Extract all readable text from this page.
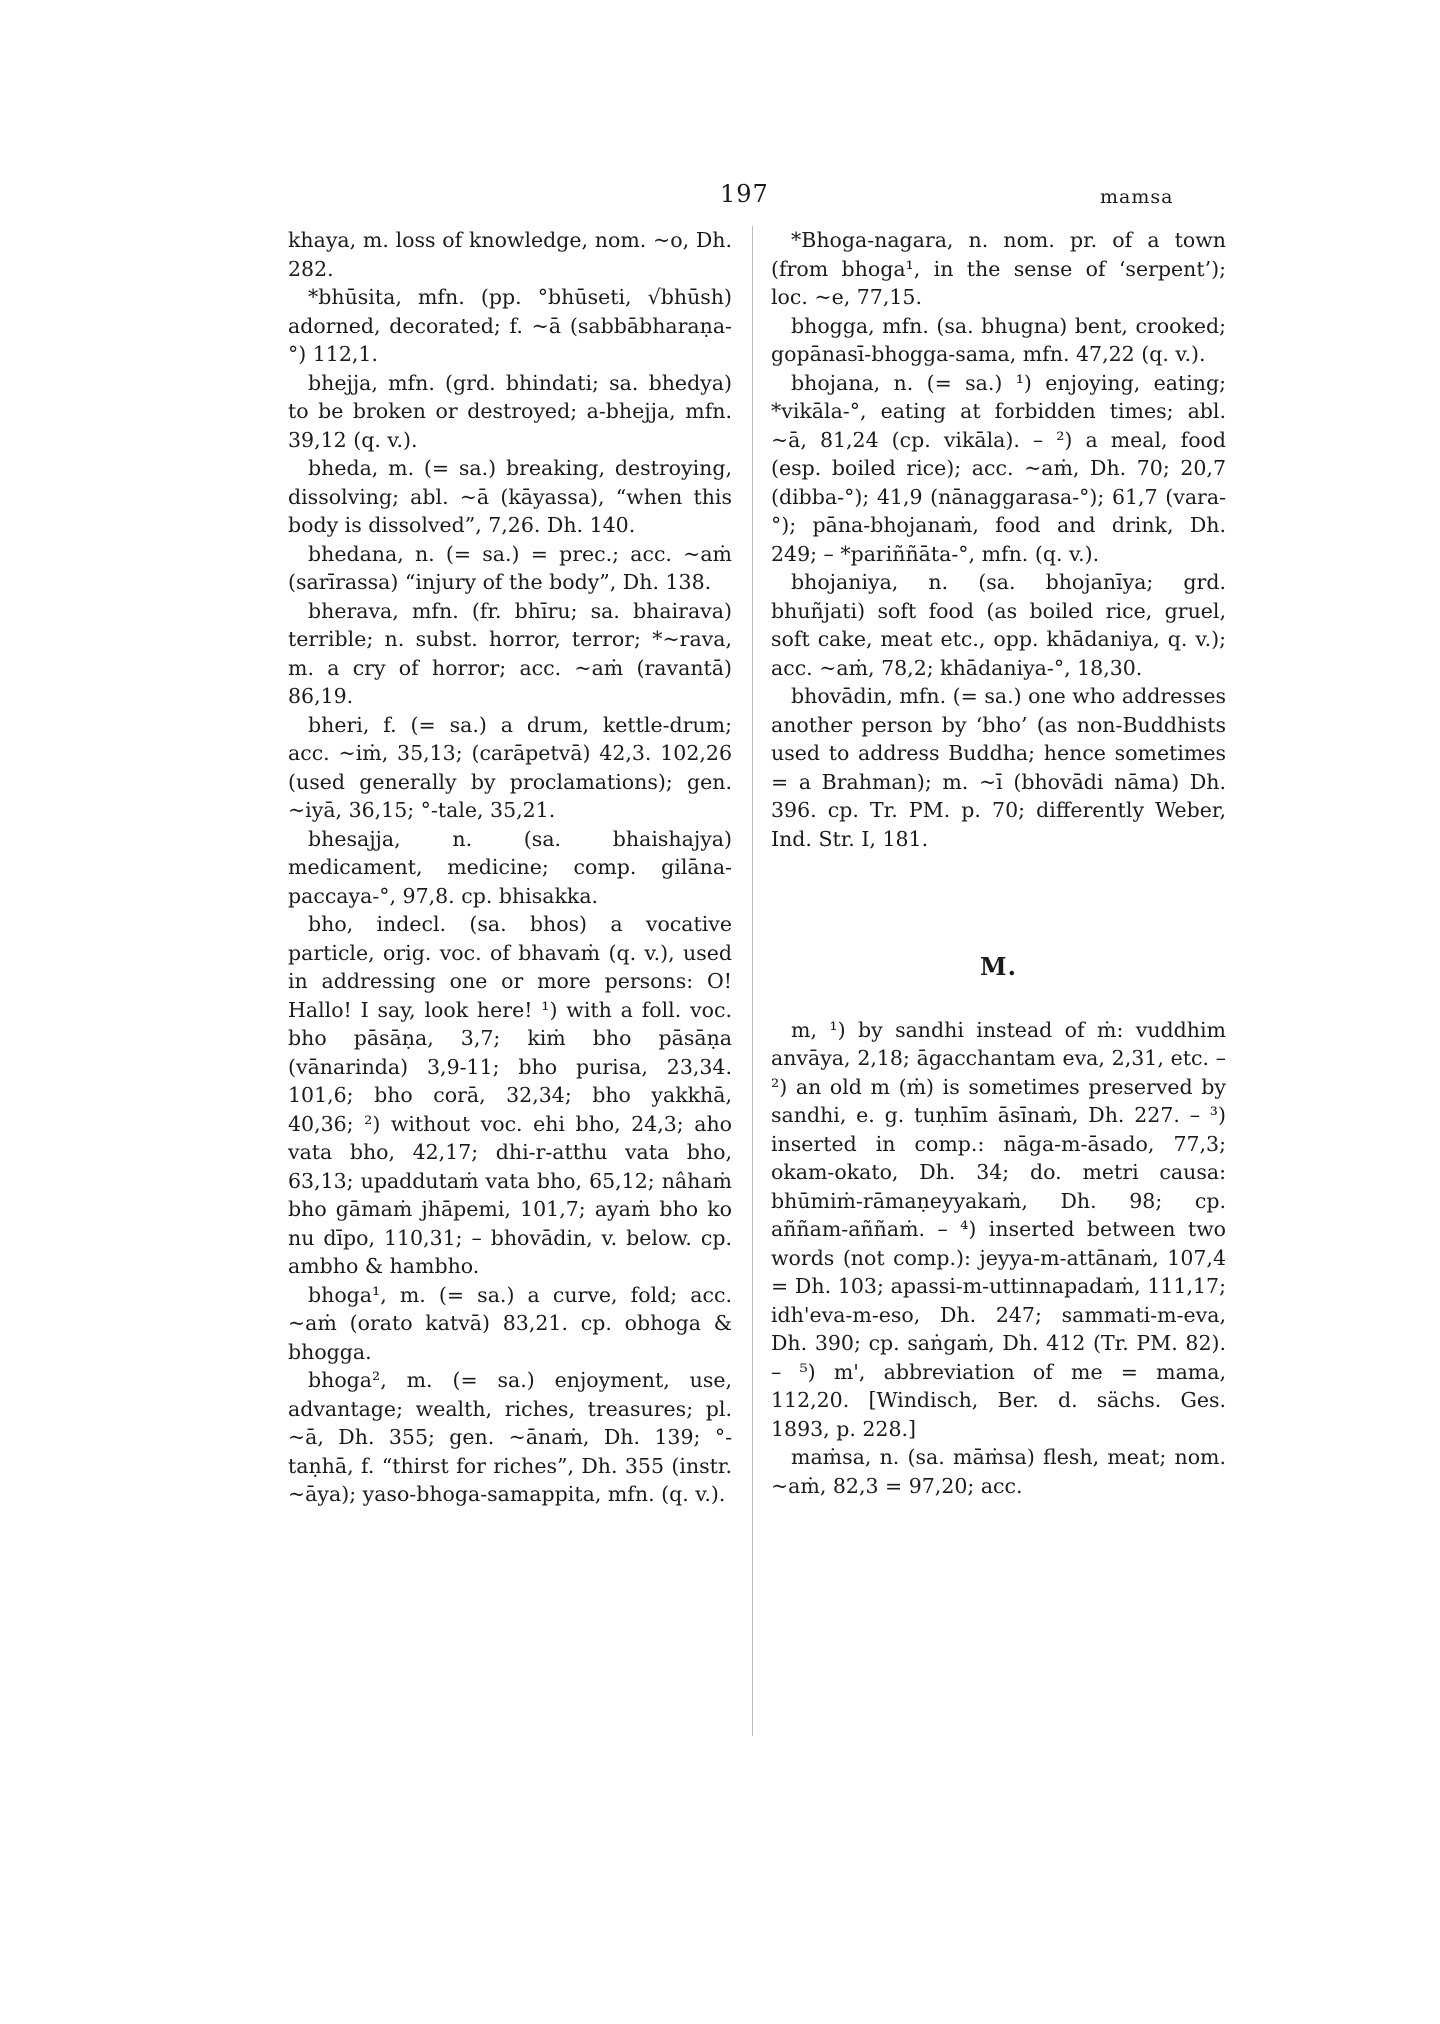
197	mamsa

khaya, m. loss of knowledge, nom. ~o, Dh. 282.

*bhūsita, mfn. (pp. °bhūseti, √bhūsh) adorned, decorated; f. ~ā (sabbābharaṇa-°) 112,1.

bhejja, mfn. (grd. bhindati; sa. bhedya) to be broken or destroyed; a-bhejja, mfn. 39,12 (q. v.).

bheda, m. (= sa.) breaking, destroying, dissolving; abl. ~ā (kāyassa), “when this body is dissolved”, 7,26. Dh. 140.

bhedana, n. (= sa.) = prec.; acc. ~aṁ (sarīrassa) “injury of the body”, Dh. 138.

bherava, mfn. (fr. bhīru; sa. bhairava) terrible; n. subst. horror, terror; *~rava, m. a cry of horror; acc. ~aṁ (ravantā) 86,19.

bheri, f. (= sa.) a drum, kettle-drum; acc. ~iṁ, 35,13; (carāpetvā) 42,3. 102,26 (used generally by proclamations); gen. ~iyā, 36,15; °-tale, 35,21.

bhesajja, n. (sa. bhaishajya) medicament, medicine; comp. gilāna-paccaya-°, 97,8. cp. bhisakka.

bho, indecl. (sa. bhos) a vocative particle, orig. voc. of bhavaṁ (q. v.), used in addressing one or more persons: O! Hallo! I say, look here! ¹) with a foll. voc. bho pāsāṇa, 3,7; kiṁ bho pāsāṇa (vānarinda) 3,9-11; bho purisa, 23,34. 101,6; bho corā, 32,34; bho yakkhā, 40,36; ²) without voc. ehi bho, 24,3; aho vata bho, 42,17; dhi-r-atthu vata bho, 63,13; upaddutaṁ vata bho, 65,12; nâhaṁ bho gāmaṁ jhāpemi, 101,7; ayaṁ bho ko nu dīpo, 110,31; – bhovādin, v. below. cp. ambho & hambho.

bhoga¹, m. (= sa.) a curve, fold; acc. ~aṁ (orato katvā) 83,21. cp. obhoga & bhogga.

bhoga², m. (= sa.) enjoyment, use, advantage; wealth, riches, treasures; pl. ~ā, Dh. 355; gen. ~ānaṁ, Dh. 139; °-taṇhā, f. “thirst for riches”, Dh. 355 (instr. ~āya); yaso-bhoga-samappita, mfn. (q. v.).

*Bhoga-nagara, n. nom. pr. of a town (from bhoga¹, in the sense of ‘serpent’); loc. ~e, 77,15.

bhogga, mfn. (sa. bhugna) bent, crooked; gopānasī-bhogga-sama, mfn. 47,22 (q. v.).

bhojana, n. (= sa.) ¹) enjoying, eating; *vikāla-°, eating at forbidden times; abl. ~ā, 81,24 (cp. vikāla). – ²) a meal, food (esp. boiled rice); acc. ~aṁ, Dh. 70; 20,7 (dibba-°); 41,9 (nānaggarasa-°); 61,7 (vara-°); pāna-bhojanaṁ, food and drink, Dh. 249; – *pariññāta-°, mfn. (q. v.).

bhojaniya, n. (sa. bhojanīya; grd. bhuñjati) soft food (as boiled rice, gruel, soft cake, meat etc., opp. khādaniya, q. v.); acc. ~aṁ, 78,2; khādaniya-°, 18,30.

bhovādin, mfn. (= sa.) one who addresses another person by ‘bho’ (as non-Buddhists used to address Buddha; hence sometimes = a Brahman); m. ~ī (bhovādi nāma) Dh. 396. cp. Tr. PM. p. 70; differently Weber, Ind. Str. I, 181.

M.

m, ¹) by sandhi instead of ṁ: vuddhim anvāya, 2,18; āgacchantam eva, 2,31, etc. – ²) an old m (ṁ) is sometimes preserved by sandhi, e. g. tuṇhīm āsīnaṁ, Dh. 227. – ³) inserted in comp.: nāga-m-āsado, 77,3; okam-okato, Dh. 34; do. metri causa: bhūmiṁ-rāmaṇeyyakaṁ, Dh. 98; cp. aññam-aññaṁ. – ⁴) inserted between two words (not comp.): jeyya-m-attānaṁ, 107,4 = Dh. 103; apassi-m-uttinnapadaṁ, 111,17; idh'eva-m-eso, Dh. 247; sammati-m-eva, Dh. 390; cp. saṅgaṁ, Dh. 412 (Tr. PM. 82). – ⁵) m', abbreviation of me = mama, 112,20. [Windisch, Ber. d. sächs. Ges. 1893, p. 228.]

maṁsa, n. (sa. māṁsa) flesh, meat; nom. ~aṁ, 82,3 = 97,20; acc.
